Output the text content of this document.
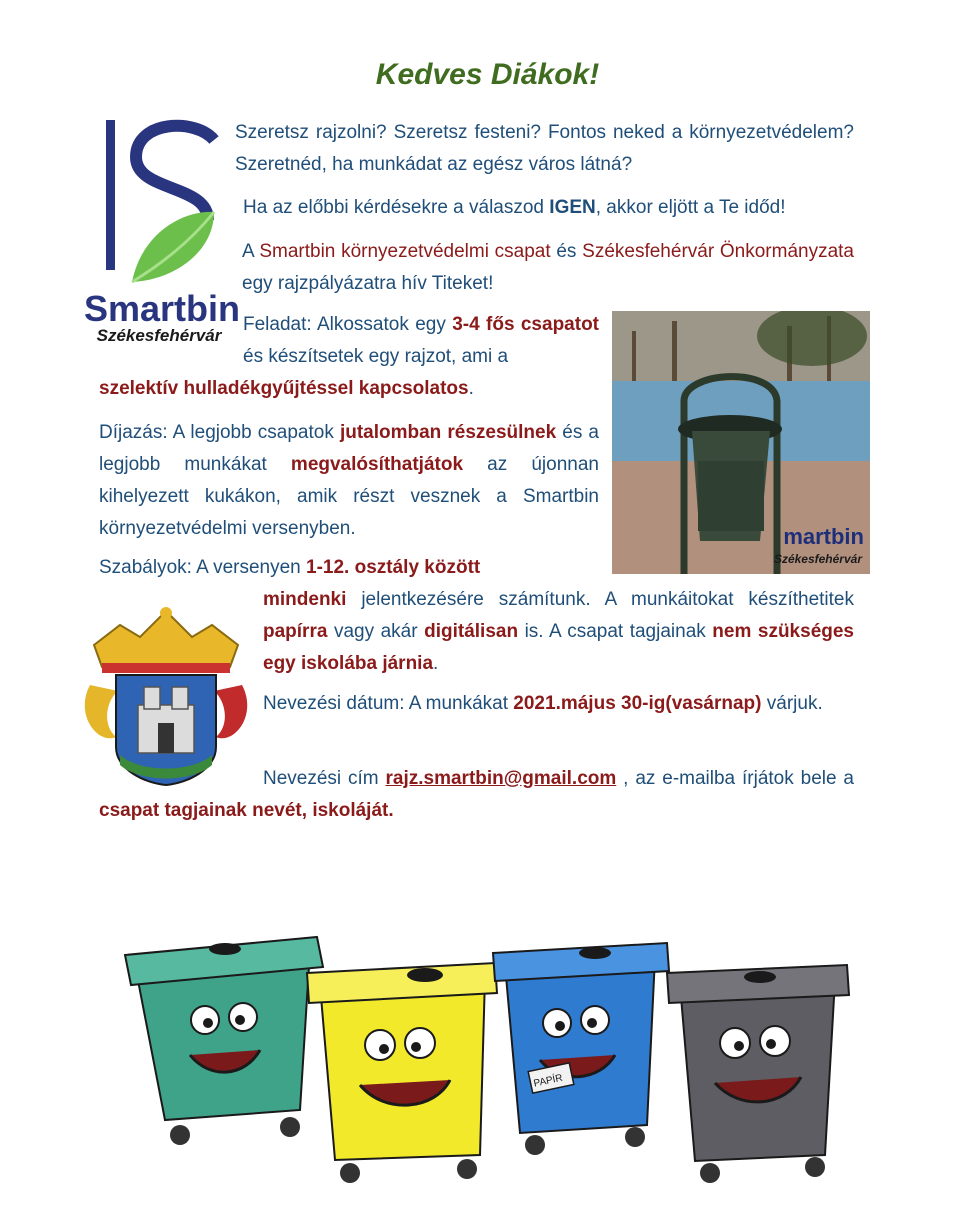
Kedves Diákok!
Smartbin
Székesfehérvár

Szeretsz rajzolni? Szeretsz festeni? Fontos neked a környezetvédelem? Szeretnéd, ha munkádat az egész város látná?

Ha az előbbi kérdésekre a válaszod IGEN, akkor eljött a Te időd!

A Smartbin környezetvédelmi csapat és Székesfehérvár Önkormányzata egy rajzpályázatra hív Titeket!

Feladat: Alkossatok egy 3-4 fős csapatot és készítsetek egy rajzot, ami a

szelektív hulladékgyűjtéssel kapcsolatos.

Díjazás: A legjobb csapatok jutalomban részesülnek és a legjobb munkákat megvalósíthatjátok az újonnan kihelyezett kukákon, amik részt vesznek a Smartbin környezetvédelmi versenyben.	martbin
Székesfehérvár

Szabályok: A versenyen 1-12. osztály között

mindenki jelentkezésére számítunk. A munkáitokat készíthetitek papírra vagy akár digitálisan is. A csapat tagjainak nem szükséges egy iskolába járnia.

Nevezési dátum: A munkákat 2021.május 30-ig(vasárnap) várjuk.

Nevezési cím rajz.smartbin@gmail.com , az e-mailba írjátok bele a csapat tagjainak nevét, iskoláját.

PAPÍR
